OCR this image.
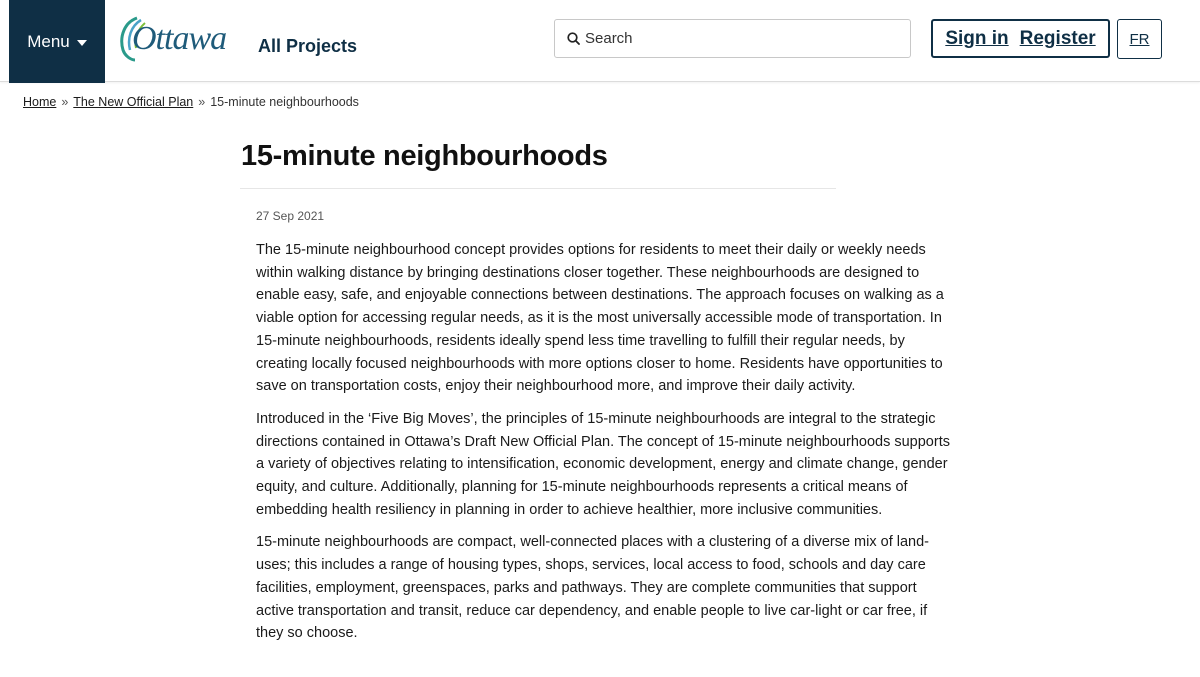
Menu Ottawa All Projects
Search	Sign in Register	FR
Home » The New Official Plan » 15-minute neighbourhoods
15-minute neighbourhoods
27 Sep 2021

The 15-minute neighbourhood concept provides options for residents to meet their daily or weekly needs within walking distance by bringing destinations closer together. These neighbourhoods are designed to enable easy, safe, and enjoyable connections between destinations. The approach focuses on walking as a viable option for accessing regular needs, as it is the most universally accessible mode of transportation. In 15-minute neighbourhoods, residents ideally spend less time travelling to fulfill their regular needs, by creating locally focused neighbourhoods with more options closer to home. Residents have opportunities to save on transportation costs, enjoy their neighbourhood more, and improve their daily activity.

Introduced in the ‘Five Big Moves’, the principles of 15-minute neighbourhoods are integral to the strategic directions contained in Ottawa’s Draft New Official Plan. The concept of 15-minute neighbourhoods supports a variety of objectives relating to intensification, economic development, energy and climate change, gender equity, and culture. Additionally, planning for 15-minute neighbourhoods represents a critical means of embedding health resiliency in planning in order to achieve healthier, more inclusive communities.

15-minute neighbourhoods are compact, well-connected places with a clustering of a diverse mix of land-uses; this includes a range of housing types, shops, services, local access to food, schools and day care facilities, employment, greenspaces, parks and pathways. They are complete communities that support active transportation and transit, reduce car dependency, and enable people to live car-light or car free, if they so choose.
